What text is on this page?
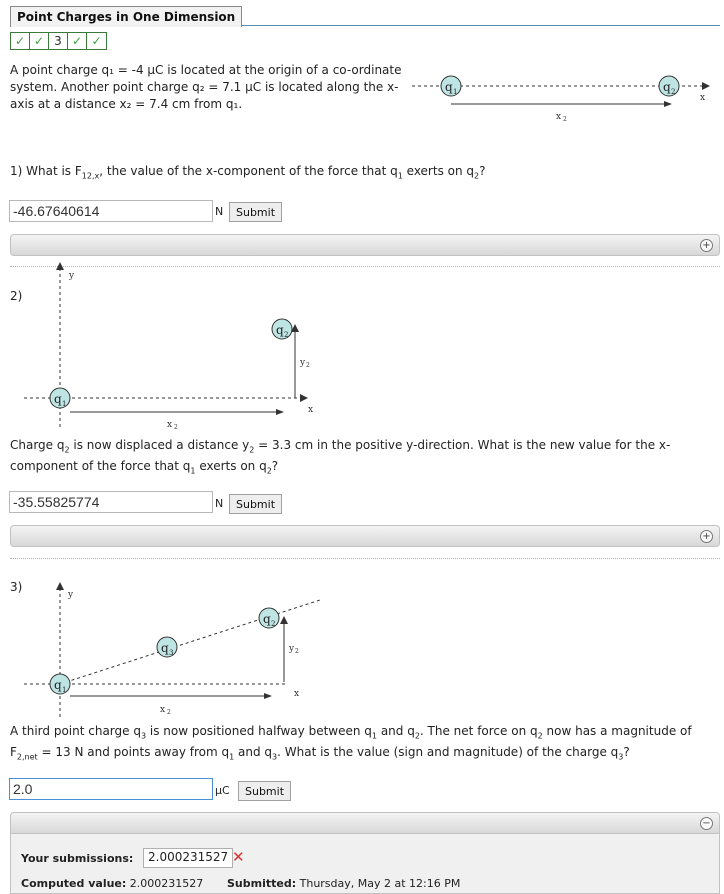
Point Charges in One Dimension
✓ ✓ 3 ✓ ✓
A point charge q₁ = -4 μC is located at the origin of a co-ordinate system. Another point charge q₂ = 7.1 μC is located along the x-axis at a distance x₂ = 7.4 cm from q₁.	x
q 1	q 2
x 2
1) What is $F_{12,x}$, the value of the x-component of the force that $q_1$ exerts on $q_2$?
-46.67640614
N	Submit
+
2)
y
x
q 1
q 2
y 2
x 2
Charge $q_2$ is now displaced a distance $y_2 = 3.3$ cm in the positive y-direction. What is the new value for the x-component of the force that $q_1$ exerts on $q_2$?
-35.55825774
N	Submit
+
3)
y
x
q 1
q 3
q 2
y 2
x 2
A third point charge $q_3$ is now positioned halfway between $q_1$ and $q_2$. The net force on $q_2$ now has a magnitude of $F_{2,net} = 13$ N and points away from $q_1$ and $q_3$. What is the value (sign and magnitude) of the charge $q_3$?
2.0
μC	Submit
−
Your submissions:	2.000231527 ✕
Computed value: 2.000231527 Submitted: Thursday, May 2 at 12:16 PM
